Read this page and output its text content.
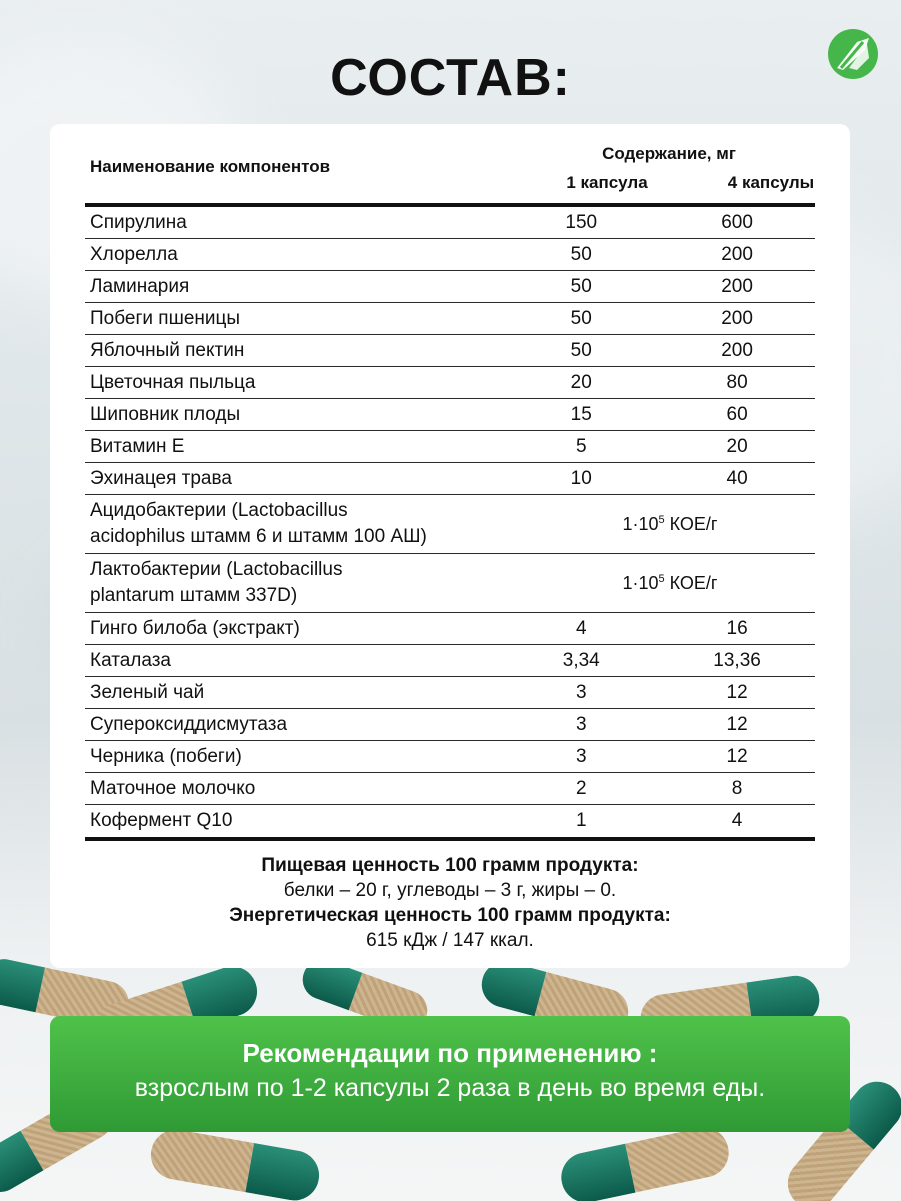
СОСТАВ:
Наименование компонентов
Содержание, мг
1 капсула	4 капсулы
Спирулина	150	600
Хлорелла	50	200
Ламинария	50	200
Побеги пшеницы	50	200
Яблочный пектин	50	200
Цветочная пыльца	20	80
Шиповник плоды	15	60
Витамин Е	5	20
Эхинацея трава	10	40
Ацидобактерии (Lactobacillus
acidophilus штамм 6 и штамм 100 АШ)
$1\cdot 10^5$ КОЕ/г
Лактобактерии (Lactobacillus
plantarum штамм 337D)
$1\cdot 10^5$ КОЕ/г
Гинго билоба (экстракт)	4	16
Каталаза	3,34	13,36
Зеленый чай	3	12
Супероксиддисмутаза	3	12
Черника (побеги)	3	12
Маточное молочко	2	8
Кофермент Q10	1	4
Пищевая ценность 100 грамм продукта:
белки – 20 г, углеводы – 3 г, жиры – 0.
Энергетическая ценность 100 грамм продукта:
615 кДж / 147 ккал.
Рекомендации по применению :
взрослым по 1-2 капсулы 2 раза в день во время еды.
